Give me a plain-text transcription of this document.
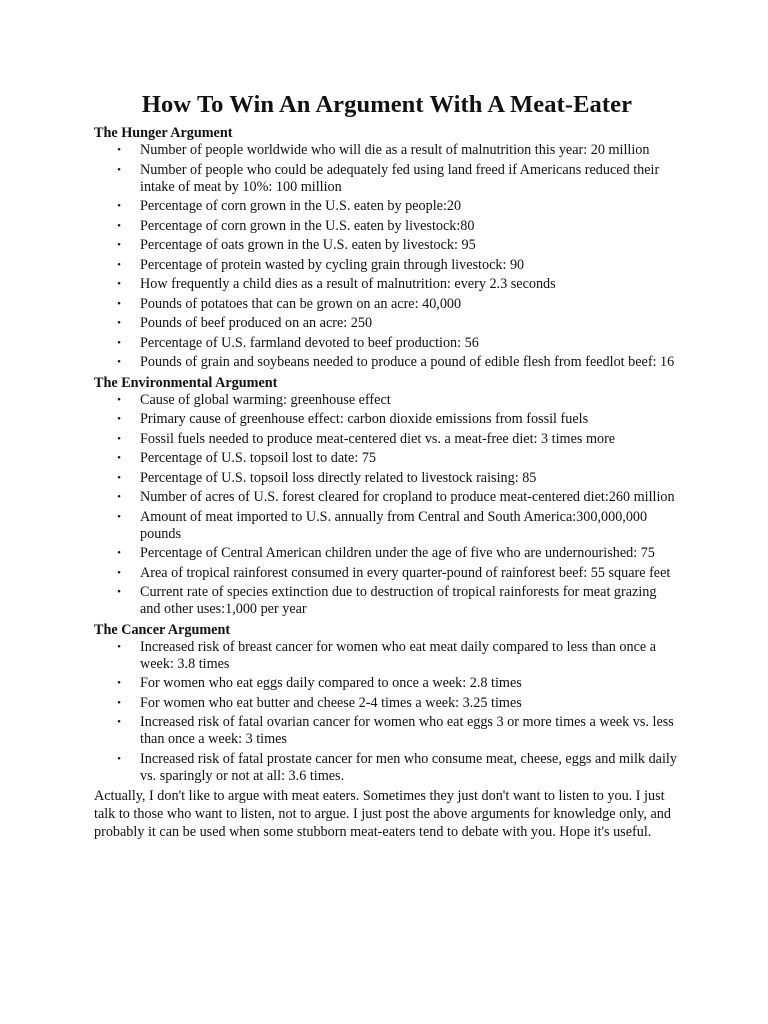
How To Win An Argument With A Meat-Eater
The Hunger Argument
• Number of people worldwide who will die as a result of malnutrition this year: 20 million
• Number of people who could be adequately fed using land freed if Americans reduced their intake of meat by 10%: 100 million
• Percentage of corn grown in the U.S. eaten by people:20
• Percentage of corn grown in the U.S. eaten by livestock:80
• Percentage of oats grown in the U.S. eaten by livestock: 95
• Percentage of protein wasted by cycling grain through livestock: 90
• How frequently a child dies as a result of malnutrition: every 2.3 seconds
• Pounds of potatoes that can be grown on an acre: 40,000
• Pounds of beef produced on an acre: 250
• Percentage of U.S. farmland devoted to beef production: 56
• Pounds of grain and soybeans needed to produce a pound of edible flesh from feedlot beef: 16
The Environmental Argument
• Cause of global warming: greenhouse effect
• Primary cause of greenhouse effect: carbon dioxide emissions from fossil fuels
• Fossil fuels needed to produce meat-centered diet vs. a meat-free diet: 3 times more
• Percentage of U.S. topsoil lost to date: 75
• Percentage of U.S. topsoil loss directly related to livestock raising: 85
• Number of acres of U.S. forest cleared for cropland to produce meat-centered diet:260 million
• Amount of meat imported to U.S. annually from Central and South America:300,000,000 pounds
• Percentage of Central American children under the age of five who are undernourished: 75
• Area of tropical rainforest consumed in every quarter-pound of rainforest beef: 55 square feet
• Current rate of species extinction due to destruction of tropical rainforests for meat grazing and other uses:1,000 per year
The Cancer Argument
• Increased risk of breast cancer for women who eat meat daily compared to less than once a week: 3.8 times
• For women who eat eggs daily compared to once a week: 2.8 times
• For women who eat butter and cheese 2-4 times a week: 3.25 times
• Increased risk of fatal ovarian cancer for women who eat eggs 3 or more times a week vs. less than once a week: 3 times
• Increased risk of fatal prostate cancer for men who consume meat, cheese, eggs and milk daily vs. sparingly or not at all: 3.6 times.

Actually, I don't like to argue with meat eaters. Sometimes they just don't want to listen to you. I just talk to those who want to listen, not to argue. I just post the above arguments for knowledge only, and probably it can be used when some stubborn meat-eaters tend to debate with you. Hope it's useful.
